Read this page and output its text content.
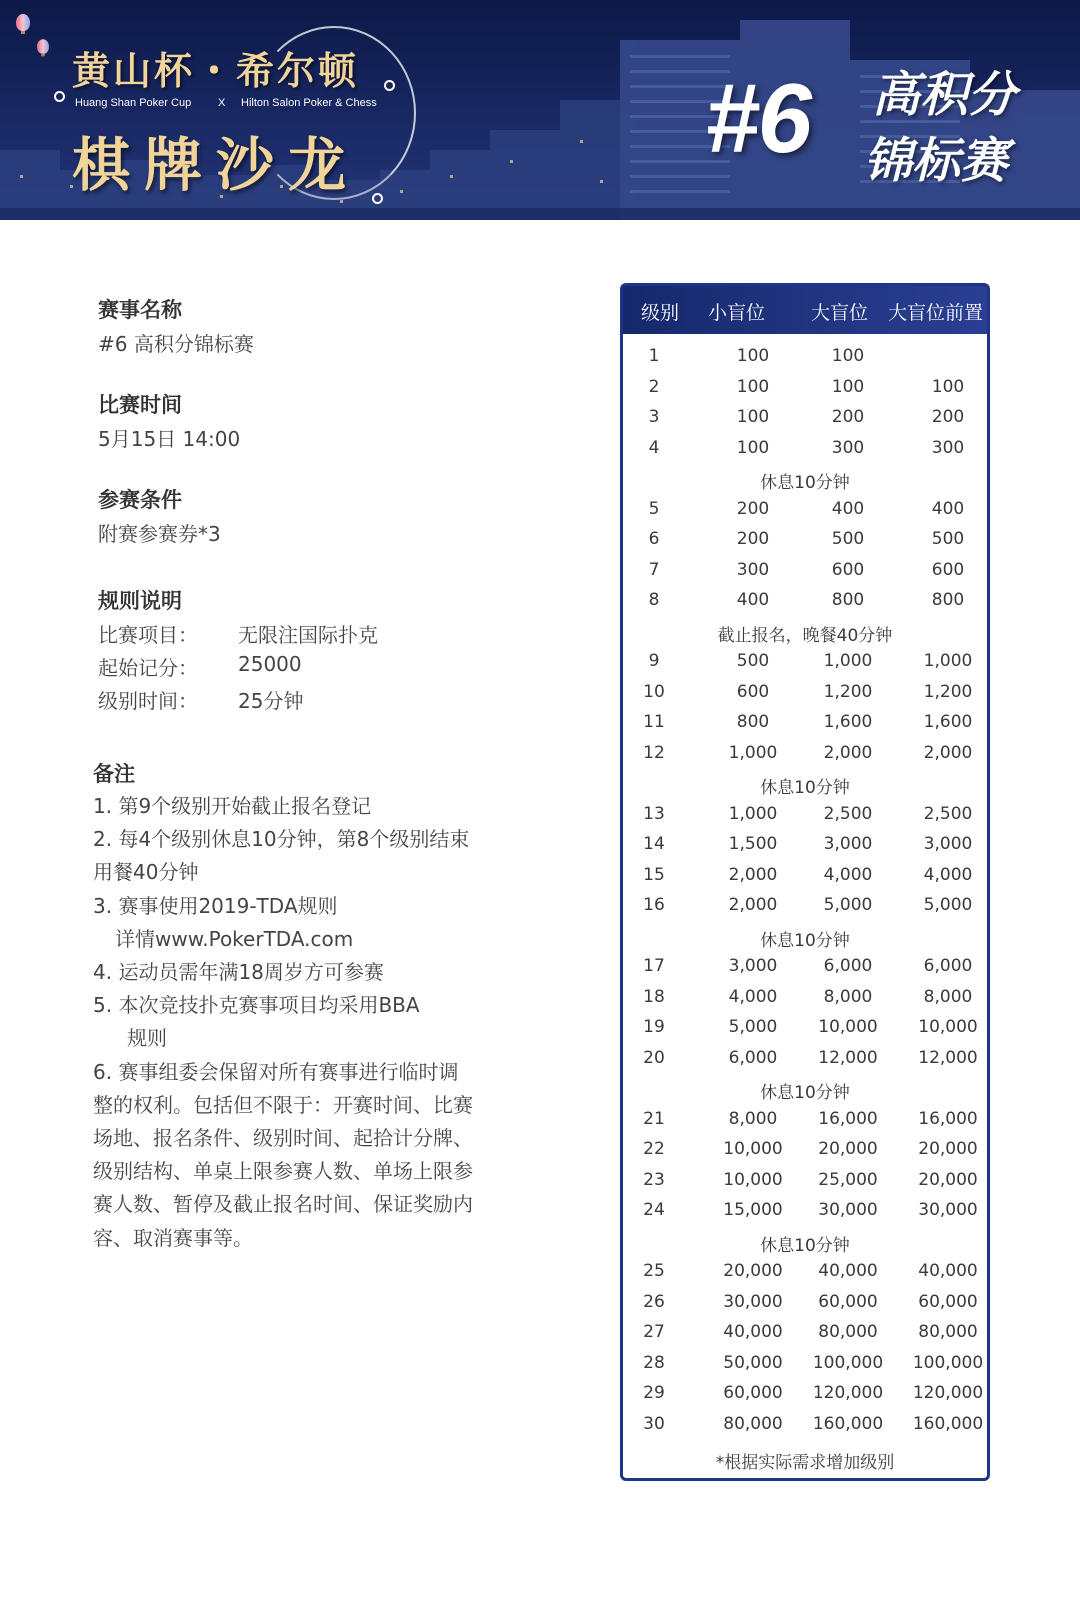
黄山杯・希尔顿
Huang Shan Poker Cup X Hilton Salon Poker & Chess
棋牌沙龙	#6 高积分
锦标赛
赛事名称
#6 高积分锦标赛
比赛时间
5月15日 14:00
参赛条件
附赛参赛券*3
规则说明
比赛项目： 无限注国际扑克
起始记分： 25000
级别时间： 25分钟
备注
1. 第9个级别开始截止报名登记
2. 每4个级别休息10分钟，第8个级别结束用餐40分钟
3. 赛事使用2019-TDA规则
详情www.PokerTDA.com
4. 运动员需年满18周岁方可参赛
5. 本次竞技扑克赛事项目均采用BBA
规则
6. 赛事组委会保留对所有赛事进行临时调整的权利。包括但不限于：开赛时间、比赛场地、报名条件、级别时间、起拾计分牌、级别结构、单桌上限参赛人数、单场上限参赛人数、暂停及截止报名时间、保证奖励内容、取消赛事等。
级别 小盲位 大盲位 大盲位前置
1	100	100
2	100	100	100
3	100	200	200
4	100	300	300
休息10分钟
5	200	400	400
6	200	500	500
7	300	600	600
8	400	800	800
截止报名，晚餐40分钟
9	500	1,000	1,000
10	600	1,200	1,200
11	800	1,600	1,600
12	1,000	2,000	2,000
休息10分钟
13	1,000	2,500	2,500
14	1,500	3,000	3,000
15	2,000	4,000	4,000
16	2,000	5,000	5,000
休息10分钟
17	3,000	6,000	6,000
18	4,000	8,000	8,000
19	5,000	10,000	10,000
20	6,000	12,000	12,000
休息10分钟
21	8,000	16,000	16,000
22	10,000	20,000	20,000
23	10,000	25,000	20,000
24	15,000	30,000	30,000
休息10分钟
25	20,000	40,000	40,000
26	30,000	60,000	60,000
27	40,000	80,000	80,000
28	50,000	100,000	100,000
29	60,000	120,000	120,000
30	80,000	160,000	160,000
*根据实际需求增加级别
